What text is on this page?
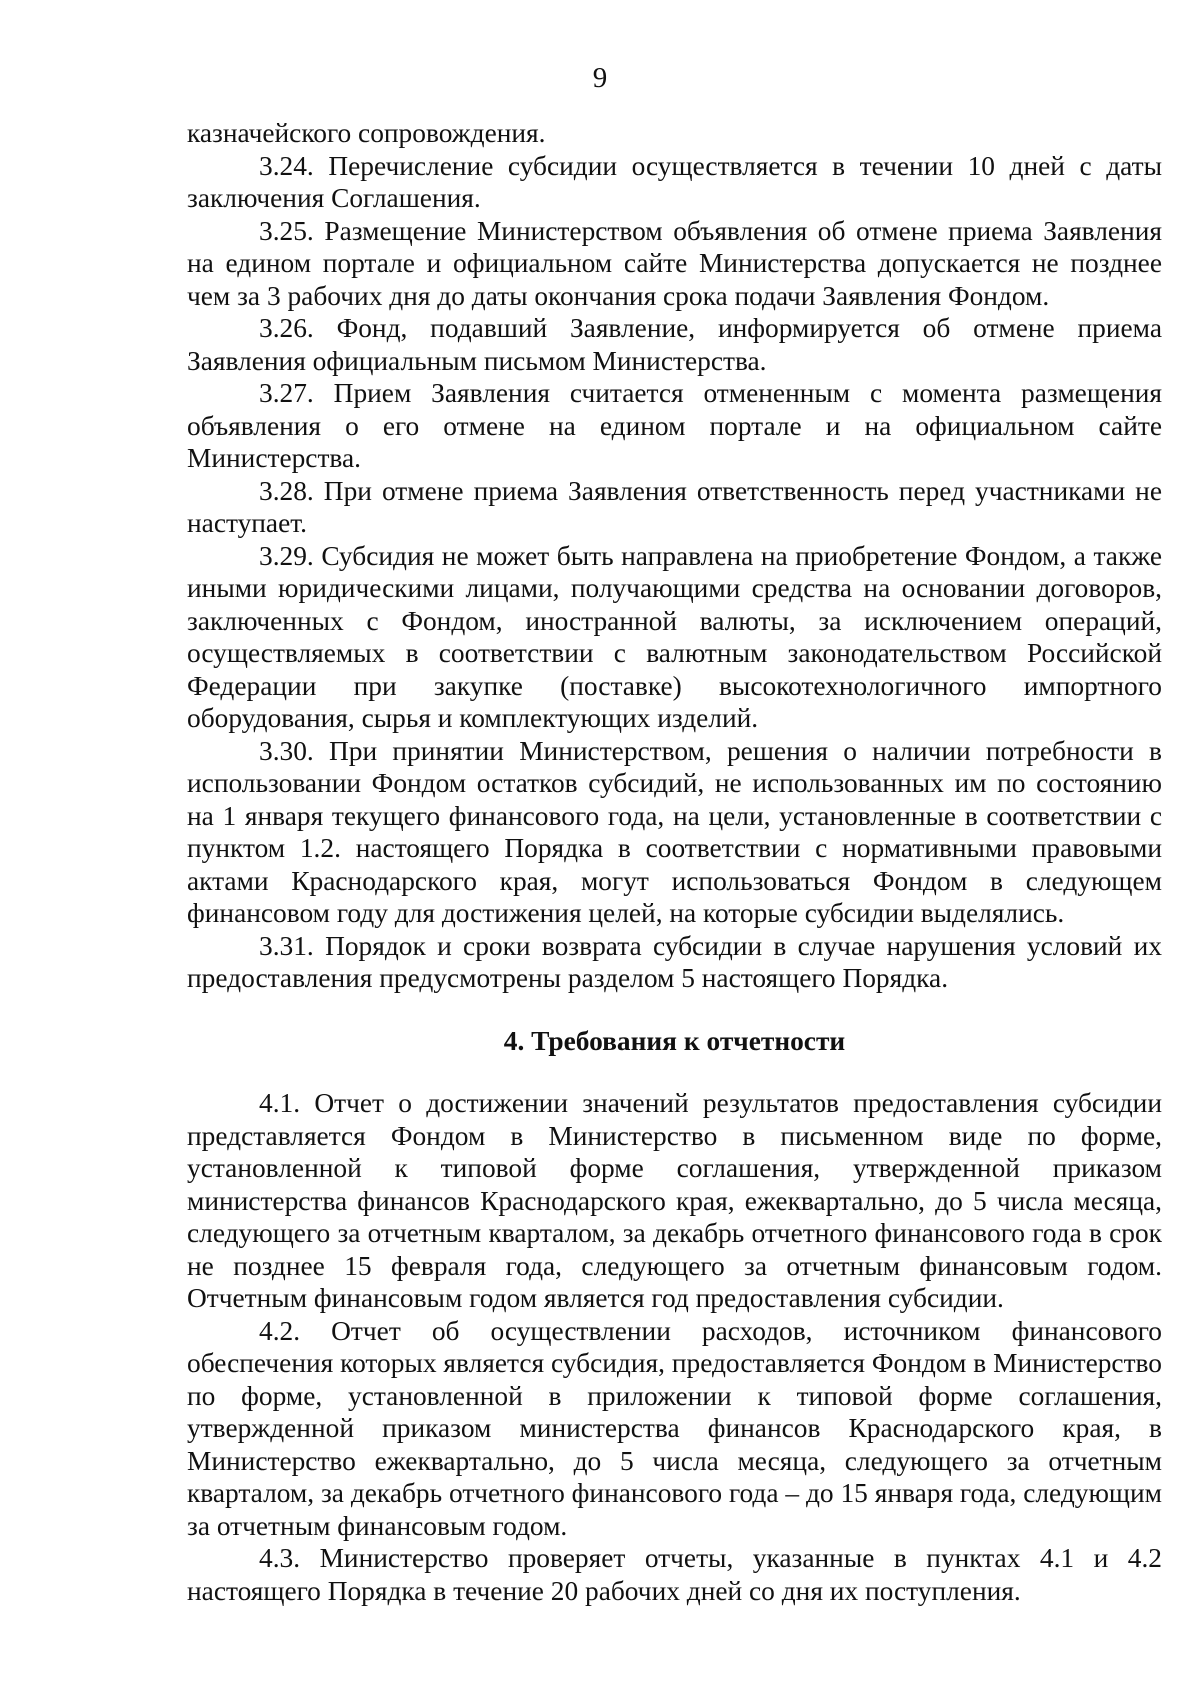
9

казначейского сопровождения.

3.24. Перечисление субсидии осуществляется в течении 10 дней с даты заключения Соглашения.

3.25. Размещение Министерством объявления об отмене приема Заявления на едином портале и официальном сайте Министерства допускается не позднее чем за 3 рабочих дня до даты окончания срока подачи Заявления Фондом.

3.26. Фонд, подавший Заявление, информируется об отмене приема Заявления официальным письмом Министерства.

3.27. Прием Заявления считается отмененным с момента размещения объявления о его отмене на едином портале и на официальном сайте Министерства.

3.28. При отмене приема Заявления ответственность перед участниками не наступает.

3.29. Субсидия не может быть направлена на приобретение Фондом, а также иными юридическими лицами, получающими средства на основании договоров, заключенных с Фондом, иностранной валюты, за исключением операций, осуществляемых в соответствии с валютным законодательством Российской Федерации при закупке (поставке) высокотехнологичного импортного оборудования, сырья и комплектующих изделий.

3.30. При принятии Министерством, решения о наличии потребности в использовании Фондом остатков субсидий, не использованных им по состоянию на 1 января текущего финансового года, на цели, установленные в соответствии с пунктом 1.2. настоящего Порядка в соответствии с нормативными правовыми актами Краснодарского края, могут использоваться Фондом в следующем финансовом году для достижения целей, на которые субсидии выделялись.

3.31. Порядок и сроки возврата субсидии в случае нарушения условий их предоставления предусмотрены разделом 5 настоящего Порядка.

4. Требования к отчетности

4.1. Отчет о достижении значений результатов предоставления субсидии представляется Фондом в Министерство в письменном виде по форме, установленной к типовой форме соглашения, утвержденной приказом министерства финансов Краснодарского края, ежеквартально, до 5 числа месяца, следующего за отчетным кварталом, за декабрь отчетного финансового года в срок не позднее 15 февраля года, следующего за отчетным финансовым годом. Отчетным финансовым годом является год предоставления субсидии.

4.2. Отчет об осуществлении расходов, источником финансового обеспечения которых является субсидия, предоставляется Фондом в Министерство по форме, установленной в приложении к типовой форме соглашения, утвержденной приказом министерства финансов Краснодарского края, в Министерство ежеквартально, до 5 числа месяца, следующего за отчетным кварталом, за декабрь отчетного финансового года – до 15 января года, следующим за отчетным финансовым годом.

4.3. Министерство проверяет отчеты, указанные в пунктах 4.1 и 4.2 настоящего Порядка в течение 20 рабочих дней со дня их поступления.
